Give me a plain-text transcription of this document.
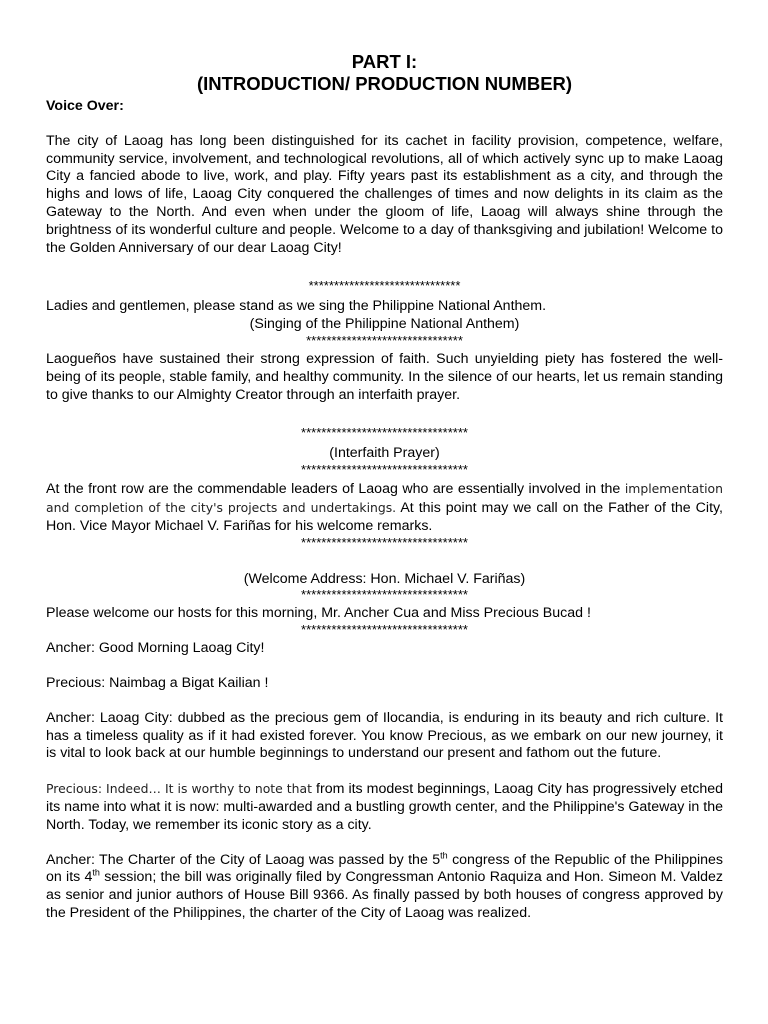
PART I:
(INTRODUCTION/ PRODUCTION NUMBER)

Voice Over:

The city of Laoag has long been distinguished for its cachet in facility provision, competence, welfare, community service, involvement, and technological revolutions, all of which actively sync up to make Laoag City a fancied abode to live, work, and play. Fifty years past its establishment as a city, and through the highs and lows of life, Laoag City conquered the challenges of times and now delights in its claim as the Gateway to the North. And even when under the gloom of life, Laoag will always shine through the brightness of its wonderful culture and people. Welcome to a day of thanksgiving and jubilation! Welcome to the Golden Anniversary of our dear Laoag City!

******************************

Ladies and gentlemen, please stand as we sing the Philippine National Anthem.

(Singing of the Philippine National Anthem)

*******************************

Laogueños have sustained their strong expression of faith. Such unyielding piety has fostered the well-being of its people, stable family, and healthy community. In the silence of our hearts, let us remain standing to give thanks to our Almighty Creator through an interfaith prayer.

*********************************

(Interfaith Prayer)

*********************************

At the front row are the commendable leaders of Laoag who are essentially involved in the implementation and completion of the city's projects and undertakings. At this point may we call on the Father of the City, Hon. Vice Mayor Michael V. Fariñas for his welcome remarks.

*********************************

(Welcome Address: Hon. Michael V. Fariñas)

*********************************

Please welcome our hosts for this morning, Mr. Ancher Cua and Miss Precious Bucad !

*********************************

Ancher: Good Morning Laoag City!

Precious: Naimbag a Bigat Kailian !

Ancher: Laoag City: dubbed as the precious gem of Ilocandia, is enduring in its beauty and rich culture. It has a timeless quality as if it had existed forever. You know Precious, as we embark on our new journey, it is vital to look back at our humble beginnings to understand our present and fathom out the future.

Precious: Indeed… It is worthy to note that from its modest beginnings, Laoag City has progressively etched its name into what it is now: multi-awarded and a bustling growth center, and the Philippine's Gateway in the North. Today, we remember its iconic story as a city.

Ancher: The Charter of the City of Laoag was passed by the 5th congress of the Republic of the Philippines on its 4th session; the bill was originally filed by Congressman Antonio Raquiza and Hon. Simeon M. Valdez as senior and junior authors of House Bill 9366. As finally passed by both houses of congress approved by the President of the Philippines, the charter of the City of Laoag was realized.
